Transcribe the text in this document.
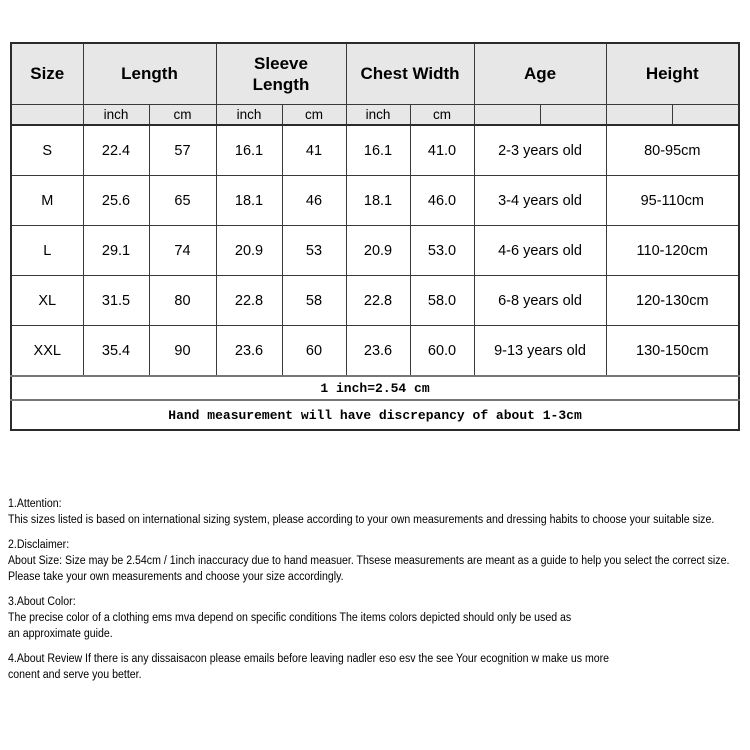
Size	Length		Sleeve Length		Chest Width		Age		Height	
	inch	cm	inch	cm	inch	cm				
S	22.4	57	16.1	41	16.1	41.0	2-3 years old		80-95cm	
M	25.6	65	18.1	46	18.1	46.0	3-4 years old		95-110cm	
L	29.1	74	20.9	53	20.9	53.0	4-6 years old		110-120cm	
XL	31.5	80	22.8	58	22.8	58.0	6-8 years old		120-130cm	
XXL	35.4	90	23.6	60	23.6	60.0	9-13 years old		130-150cm	
1 inch=2.54 cm										
Hand measurement will have discrepancy of about 1-3cm										
1.Attention:
This sizes listed is based on international sizing system, please according to your own measurements and dressing habits to choose your suitable size.
2.Disclaimer:
About Size: Size may be 2.54cm / 1inch inaccuracy due to hand measuer. Thsese measurements are meant as a guide to help you select the correct size.
Please take your own measurements and choose your size accordingly.
3.About Color:
The precise color of a clothing ems mva depend on specific conditions The items colors depicted should only be used as
an approximate guide.
4.About Review If there is any dissaisacon please emails before leaving nadler eso esv the see Your ecognition w make us more
conent and serve you better.
